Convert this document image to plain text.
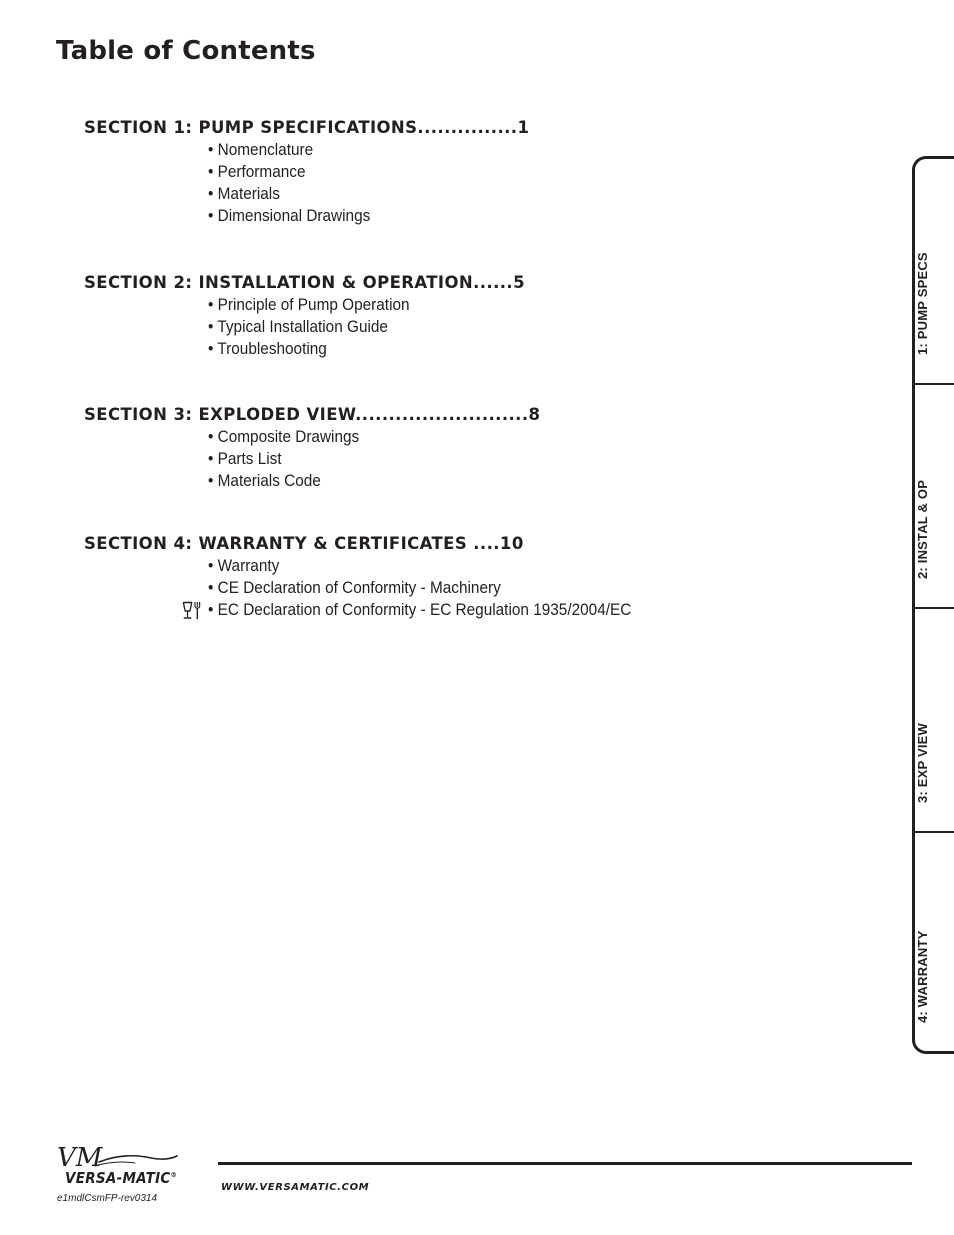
Table of Contents
SECTION 1: PUMP SPECIFICATIONS...............1
• Nomenclature
• Performance
• Materials
• Dimensional Drawings
SECTION 2: INSTALLATION & OPERATION......5
• Principle of Pump Operation
• Typical Installation Guide
• Troubleshooting
SECTION 3: EXPLODED VIEW..........................8
• Composite Drawings
• Parts List
• Materials Code
SECTION 4: WARRANTY & CERTIFICATES ....10
• Warranty
• CE Declaration of Conformity - Machinery
• EC Declaration of Conformity - EC Regulation 1935/2004/EC
1: PUMP SPECS
2: INSTAL & OP
3: EXP VIEW
4: WARRANTY
VM
VERSA-MATIC®
e1mdlCsmFP-rev0314
WWW.VERSAMATIC.COM
